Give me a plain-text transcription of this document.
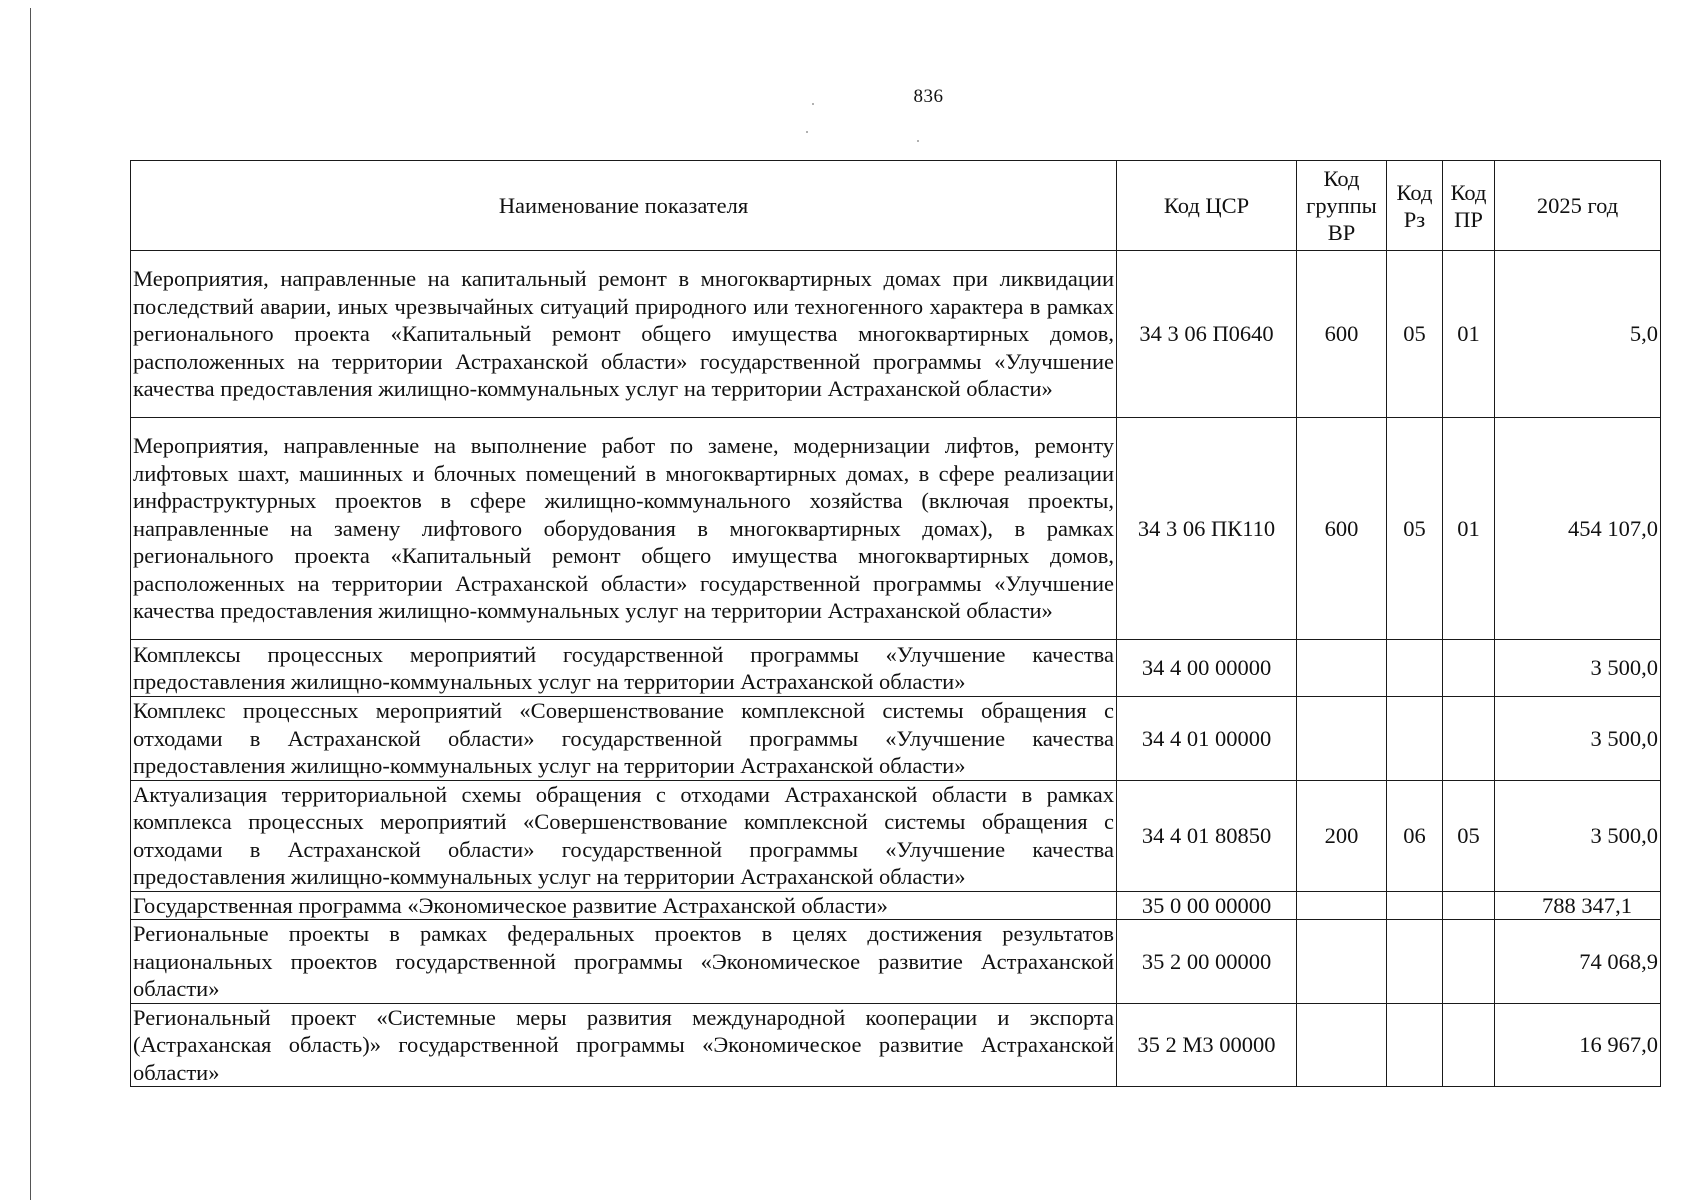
836
Наименование показателя	Код ЦСР	Код группы ВР	Код Рз	Код ПР	2025 год
Мероприятия, направленные на капитальный ремонт в многоквартирных домах при ликвидации последствий аварии, иных чрезвычайных ситуаций природного или техногенного характера в рамках регионального проекта «Капитальный ремонт общего имущества многоквартирных домов, расположенных на территории Астраханской области» государственной программы «Улучшение качества предоставления жилищно-коммунальных услуг на территории Астраханской области»	34 3 06 П0640	600	05	01	5,0
Мероприятия, направленные на выполнение работ по замене, модернизации лифтов, ремонту лифтовых шахт, машинных и блочных помещений в многоквартирных домах, в сфере реализации инфраструктурных проектов в сфере жилищно-коммунального хозяйства (включая проекты, направленные на замену лифтового оборудования в многоквартирных домах), в рамках регионального проекта «Капитальный ремонт общего имущества многоквартирных домов, расположенных на территории Астраханской области» государственной программы «Улучшение качества предоставления жилищно-коммунальных услуг на территории Астраханской области»	34 3 06 ПК110	600	05	01	454 107,0
Комплексы процессных мероприятий государственной программы «Улучшение качества предоставления жилищно-коммунальных услуг на территории Астраханской области»	34 4 00 00000				3 500,0
Комплекс процессных мероприятий «Совершенствование комплексной системы обращения с отходами в Астраханской области» государственной программы «Улучшение качества предоставления жилищно-коммунальных услуг на территории Астраханской области»	34 4 01 00000				3 500,0
Актуализация территориальной схемы обращения с отходами Астраханской области в рамках комплекса процессных мероприятий «Совершенствование комплексной системы обращения с отходами в Астраханской области» государственной программы «Улучшение качества предоставления жилищно-коммунальных услуг на территории Астраханской области»	34 4 01 80850	200	06	05	3 500,0
Государственная программа «Экономическое развитие Астраханской области»	35 0 00 00000				788 347,1
Региональные проекты в рамках федеральных проектов в целях достижения результатов национальных проектов государственной программы «Экономическое развитие Астраханской области»	35 2 00 00000				74 068,9
Региональный проект «Системные меры развития международной кооперации и экспорта (Астраханская область)» государственной программы «Экономическое развитие Астраханской области»	35 2 М3 00000				16 967,0
